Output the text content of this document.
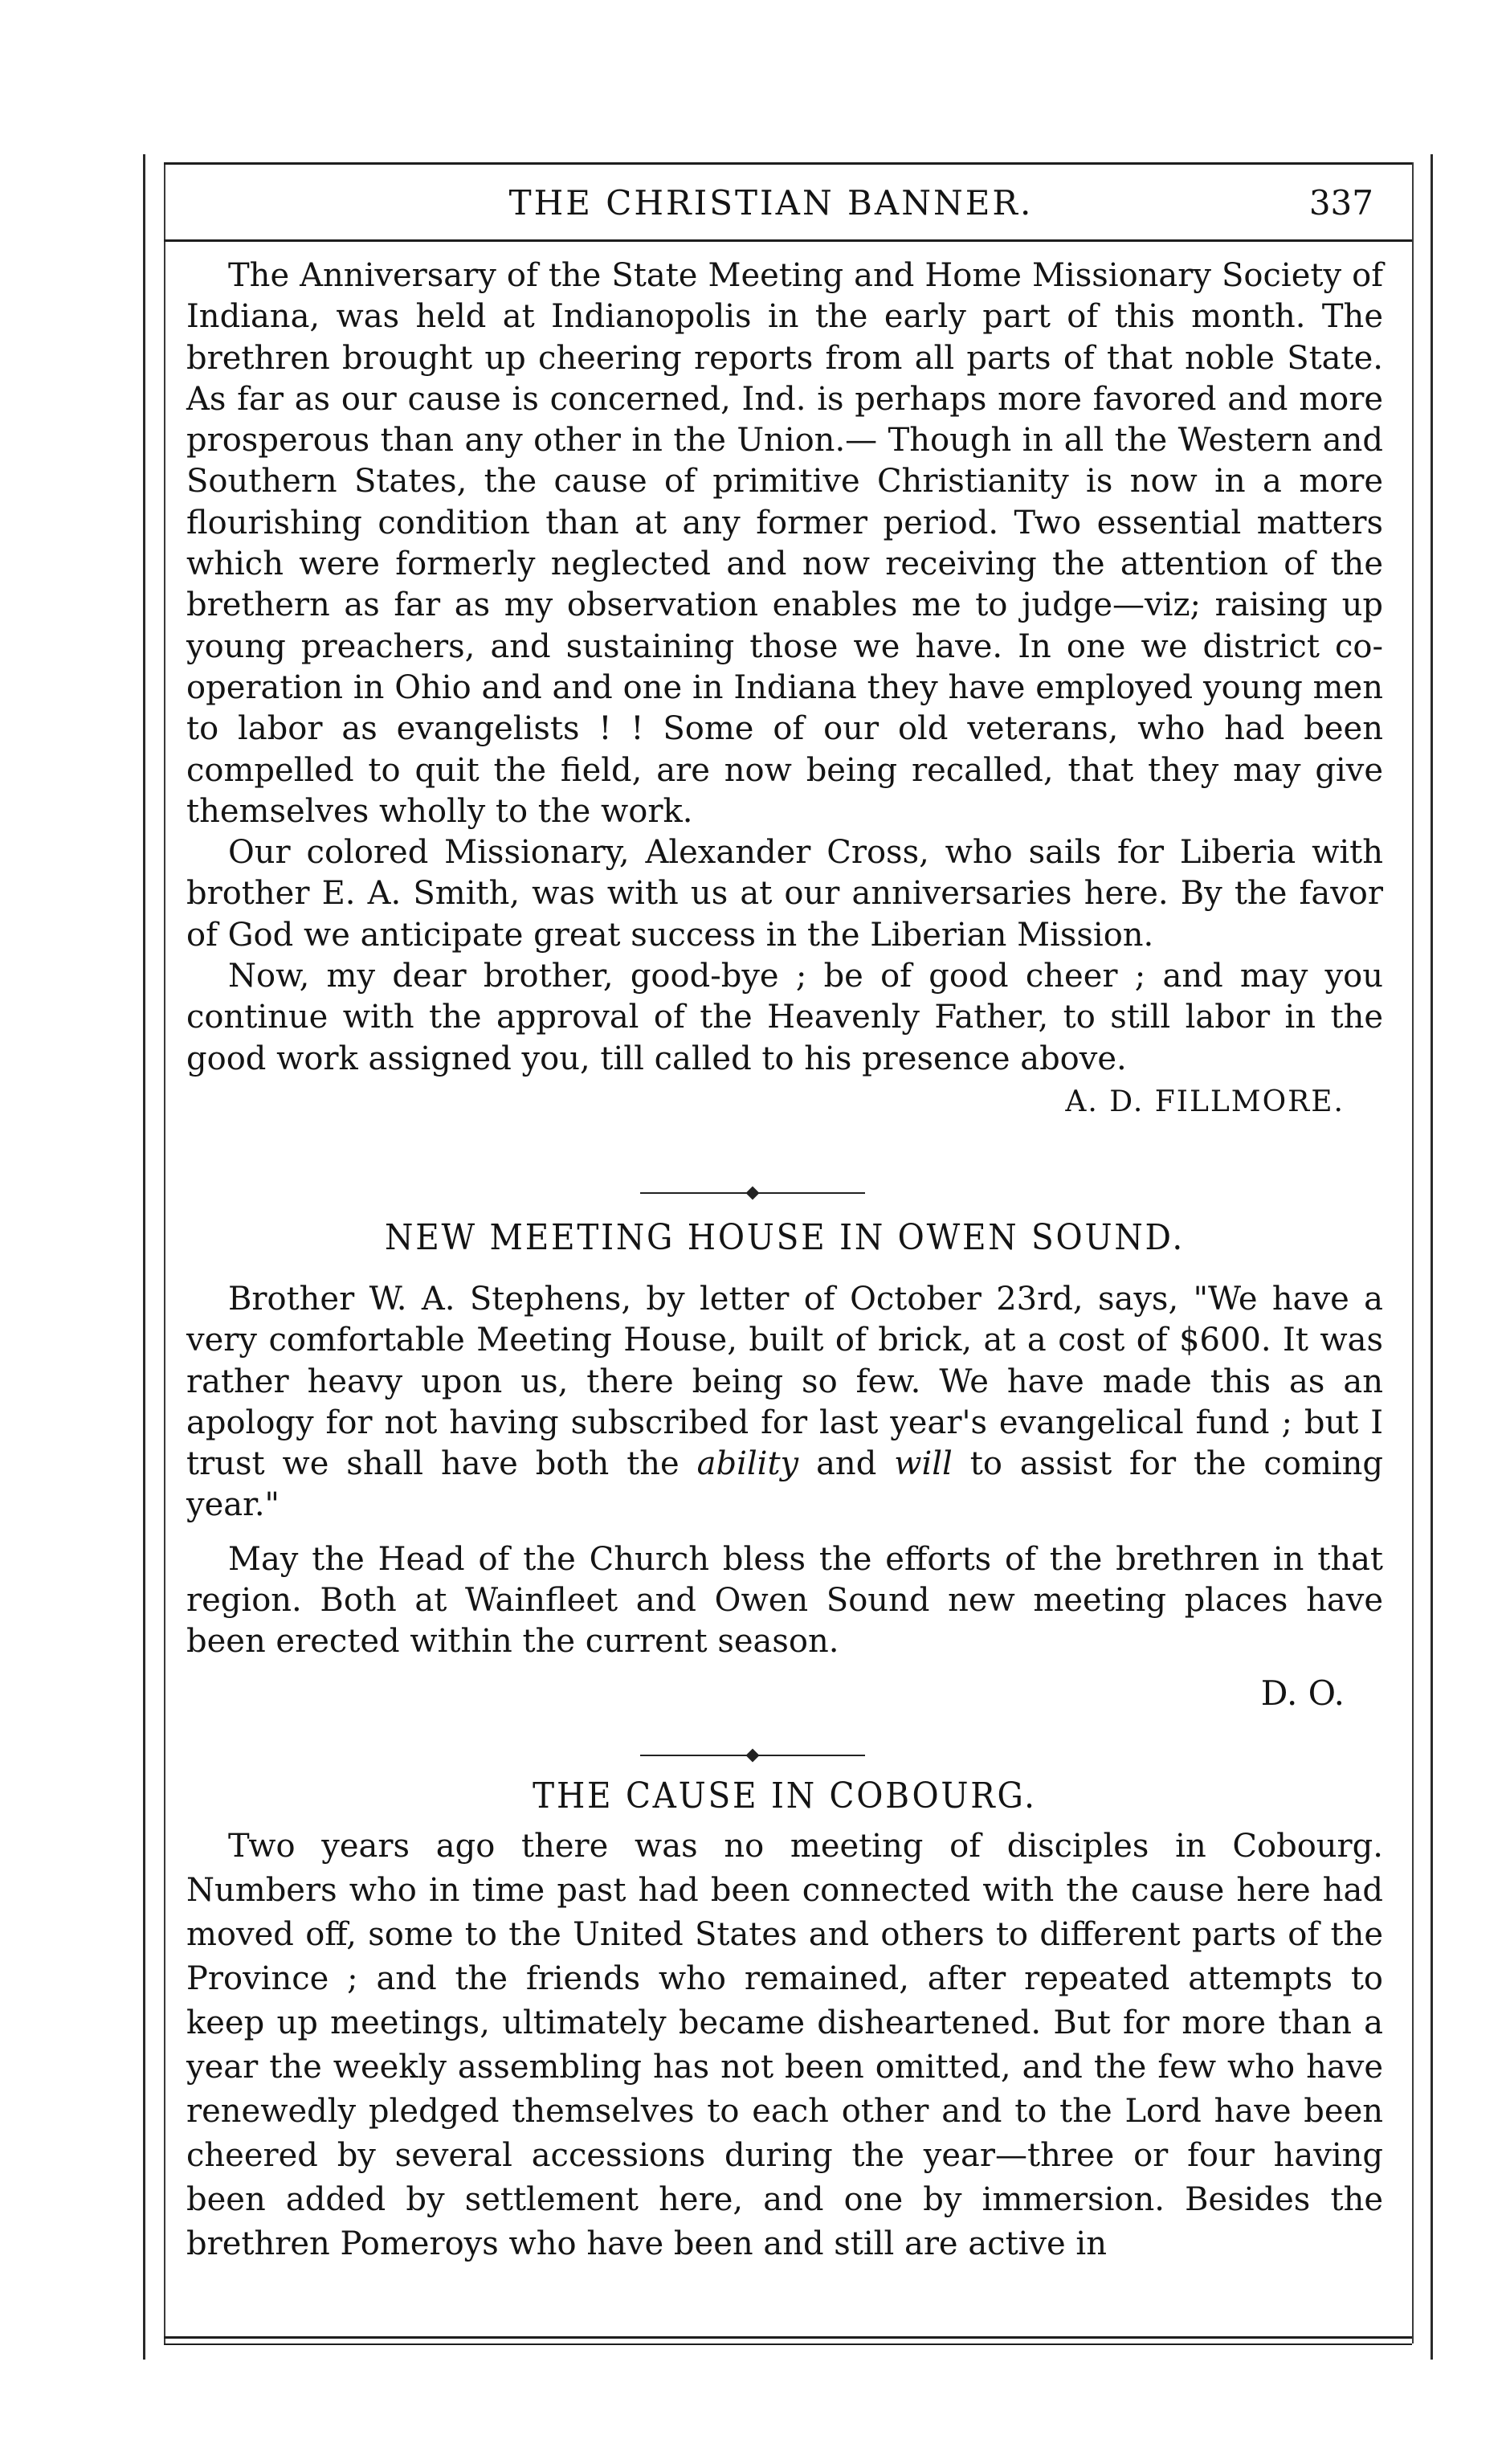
THE CHRISTIAN BANNER.	337

The Anniversary of the State Meeting and Home Missionary Society of Indiana, was held at Indianopolis in the early part of this month. The brethren brought up cheering reports from all parts of that noble State. As far as our cause is concerned, Ind. is perhaps more favored and more prosperous than any other in the Union.— Though in all the Western and Southern States, the cause of primitive Christianity is now in a more flourishing condition than at any former period. Two essential matters which were formerly neglected and now receiving the attention of the brethern as far as my observation enables me to judge—viz; raising up young preachers, and sustaining those we have. In one we district co-operation in Ohio and and one in Indiana they have employed young men to labor as evangelists ! ! Some of our old veterans, who had been compelled to quit the field, are now being recalled, that they may give themselves wholly to the work.

Our colored Missionary, Alexander Cross, who sails for Liberia with brother E. A. Smith, was with us at our anniversaries here. By the favor of God we anticipate great success in the Liberian Mission.

Now, my dear brother, good-bye ; be of good cheer ; and may you continue with the approval of the Heavenly Father, to still labor in the good work assigned you, till called to his presence above.

A. D. FILLMORE.
NEW MEETING HOUSE IN OWEN SOUND.

Brother W. A. Stephens, by letter of October 23rd, says, "We have a very comfortable Meeting House, built of brick, at a cost of $600. It was rather heavy upon us, there being so few. We have made this as an apology for not having subscribed for last year's evangelical fund ; but I trust we shall have both the ability and will to assist for the coming year."

May the Head of the Church bless the efforts of the brethren in that region. Both at Wainfleet and Owen Sound new meeting places have been erected within the current season.

D. O.
THE CAUSE IN COBOURG.

Two years ago there was no meeting of disciples in Cobourg. Numbers who in time past had been connected with the cause here had moved off, some to the United States and others to different parts of the Province ; and the friends who remained, after repeated attempts to keep up meetings, ultimately became disheartened. But for more than a year the weekly assembling has not been omitted, and the few who have renewedly pledged themselves to each other and to the Lord have been cheered by several accessions during the year—three or four having been added by settlement here, and one by immersion. Besides the brethren Pomeroys who have been and still are active in
